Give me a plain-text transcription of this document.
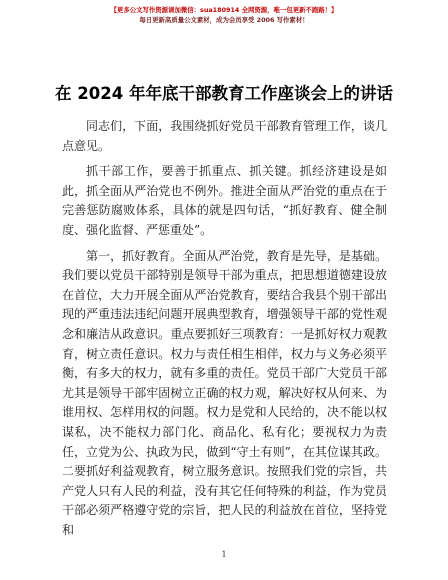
【更多公文写作资源请加微信：sua180914 全网资源，唯一包更新不跑路！】
每日更新高质量公文素材，成为会员享受 2006 写作素材！
在 2024 年年底干部教育工作座谈会上的讲话

同志们，下面，我围绕抓好党员干部教育管理工作，谈几点意见。

抓干部工作，要善于抓重点、抓关键。抓经济建设是如此，抓全面从严治党也不例外。推进全面从严治党的重点在于完善惩防腐败体系，具体的就是四句话，“抓好教育、健全制度、强化监督、严惩重处”。

第一，抓好教育。全面从严治党，教育是先导，是基础。我们要以党员干部特别是领导干部为重点，把思想道德建设放在首位，大力开展全面从严治党教育，要结合我县个别干部出现的严重违法违纪问题开展典型教育，增强领导干部的党性观念和廉洁从政意识。重点要抓好三项教育：一是抓好权力观教育，树立责任意识。权力与责任相生相伴，权力与义务必须平衡，有多大的权力，就有多重的责任。党员干部广大党员干部尤其是领导干部牢固树立正确的权力观，解决好权从何来、为谁用权、怎样用权的问题。权力是党和人民给的，决不能以权谋私，决不能权力部门化、商品化、私有化；要视权力为责任，立党为公、执政为民，做到“守土有则”，在其位谋其政。二要抓好利益观教育，树立服务意识。按照我们党的宗旨，共产党人只有人民的利益，没有其它任何特殊的利益，作为党员干部必须严格遵守党的宗旨，把人民的利益放在首位，坚持党和

1
